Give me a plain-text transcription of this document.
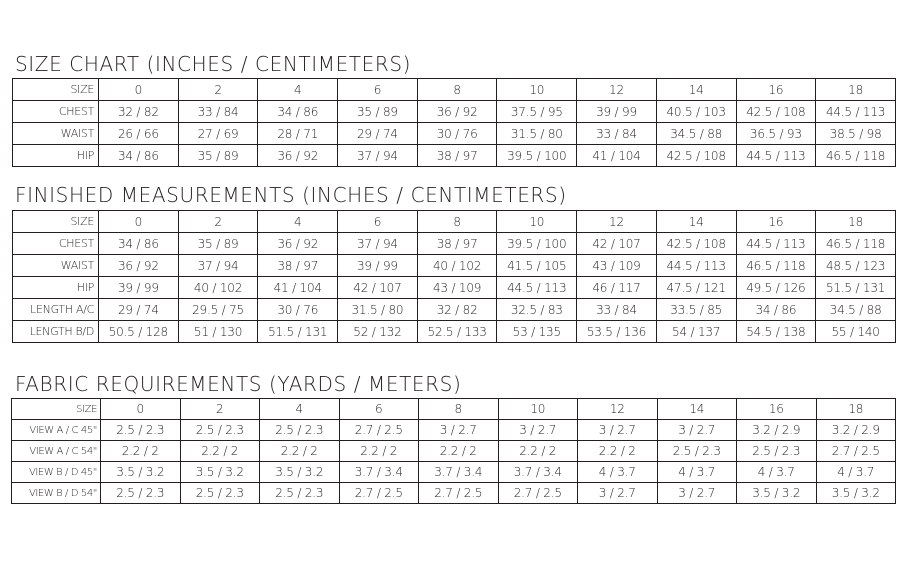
SIZE CHART (INCHES / CENTIMETERS)
SIZE	0	2	4	6	8	10	12	14	16	18
CHEST	32 / 82	33 / 84	34 / 86	35 / 89	36 / 92	37.5 / 95	39 / 99	40.5 / 103	42.5 / 108	44.5 / 113
WAIST	26 / 66	27 / 69	28 / 71	29 / 74	30 / 76	31.5 / 80	33 / 84	34.5 / 88	36.5 / 93	38.5 / 98
HIP	34 / 86	35 / 89	36 / 92	37 / 94	38 / 97	39.5 / 100	41 / 104	42.5 / 108	44.5 / 113	46.5 / 118
FINISHED MEASUREMENTS (INCHES / CENTIMETERS)
SIZE	0	2	4	6	8	10	12	14	16	18
CHEST	34 / 86	35 / 89	36 / 92	37 / 94	38 / 97	39.5 / 100	42 / 107	42.5 / 108	44.5 / 113	46.5 / 118
WAIST	36 / 92	37 / 94	38 / 97	39 / 99	40 / 102	41.5 / 105	43 / 109	44.5 / 113	46.5 / 118	48.5 / 123
HIP	39 / 99	40 / 102	41 / 104	42 / 107	43 / 109	44.5 / 113	46 / 117	47.5 / 121	49.5 / 126	51.5 / 131
LENGTH A/C	29 / 74	29.5 / 75	30 / 76	31.5 / 80	32 / 82	32.5 / 83	33 / 84	33.5 / 85	34 / 86	34.5 / 88
LENGTH B/D	50.5 / 128	51 / 130	51.5 / 131	52 / 132	52.5 / 133	53 / 135	53.5 / 136	54 / 137	54.5 / 138	55 / 140
FABRIC REQUIREMENTS (YARDS / METERS)
SIZE	0	2	4	6	8	10	12	14	16	18
VIEW A / C 45"	2.5 / 2.3	2.5 / 2.3	2.5 / 2.3	2.7 / 2.5	3 / 2.7	3 / 2.7	3 / 2.7	3 / 2.7	3.2 / 2.9	3.2 / 2.9
VIEW A / C 54"	2.2 / 2	2.2 / 2	2.2 / 2	2.2 / 2	2.2 / 2	2.2 / 2	2.2 / 2	2.5 / 2.3	2.5 / 2.3	2.7 / 2.5
VIEW B / D 45"	3.5 / 3.2	3.5 / 3.2	3.5 / 3.2	3.7 / 3.4	3.7 / 3.4	3.7 / 3.4	4 / 3.7	4 / 3.7	4 / 3.7	4 / 3.7
VIEW B / D 54"	2.5 / 2.3	2.5 / 2.3	2.5 / 2.3	2.7 / 2.5	2.7 / 2.5	2.7 / 2.5	3 / 2.7	3 / 2.7	3.5 / 3.2	3.5 / 3.2
